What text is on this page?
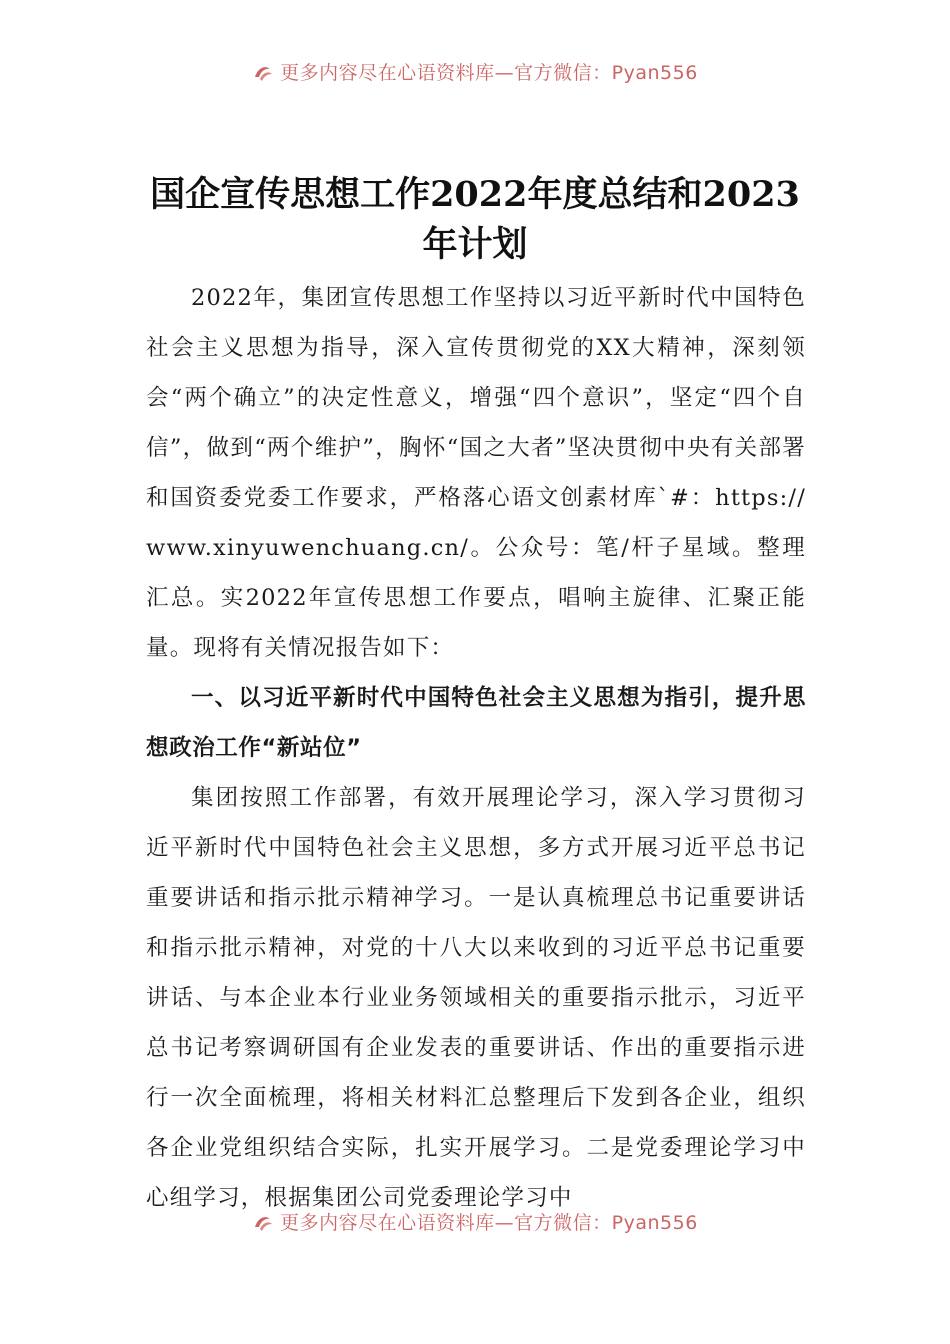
更多内容尽在心语资料库—官方微信：Pyan556
国企宣传思想工作2022年度总结和2023年计划

2022年，集团宣传思想工作坚持以习近平新时代中国特色社会主义思想为指导，深入宣传贯彻党的XX大精神，深刻领会“两个确立”的决定性意义，增强“四个意识”，坚定“四个自信”，做到“两个维护”，胸怀“国之大者”坚决贯彻中央有关部署和国资委党委工作要求，严格落心语文创素材库`#：https://www.xinyuwenchuang.cn/。公众号：笔/杆子星域。整理汇总。实2022年宣传思想工作要点，唱响主旋律、汇聚正能量。现将有关情况报告如下：

一、以习近平新时代中国特色社会主义思想为指引，提升思想政治工作“新站位”

集团按照工作部署，有效开展理论学习，深入学习贯彻习近平新时代中国特色社会主义思想，多方式开展习近平总书记重要讲话和指示批示精神学习。一是认真梳理总书记重要讲话和指示批示精神，对党的十八大以来收到的习近平总书记重要讲话、与本企业本行业业务领域相关的重要指示批示，习近平总书记考察调研国有企业发表的重要讲话、作出的重要指示进行一次全面梳理，将相关材料汇总整理后下发到各企业，组织各企业党组织结合实际，扎实开展学习。二是党委理论学习中心组学习，根据集团公司党委理论学习中

更多内容尽在心语资料库—官方微信：Pyan556
